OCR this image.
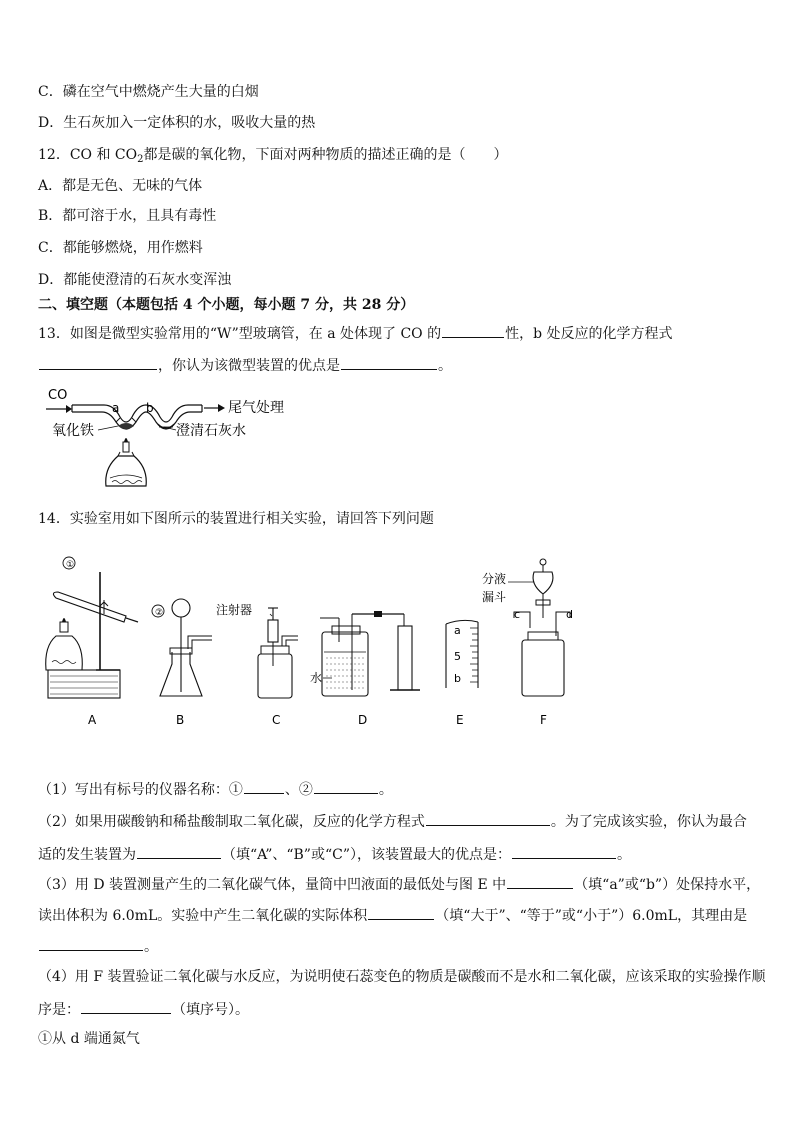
C．磷在空气中燃烧产生大量的白烟
D．生石灰加入一定体积的水，吸收大量的热
12．CO 和 $CO_2$都是碳的氧化物，下面对两种物质的描述正确的是（　　）
A．都是无色、无味的气体
B．都可溶于水，且具有毒性
C．都能够燃烧，用作燃料
D．都能使澄清的石灰水变浑浊
二、填空题（本题包括 4 个小题，每小题 7 分，共 28 分）
13．如图是微型实验常用的“W”型玻璃管，在 a 处体现了 CO 的	性，b 处反应的化学方程式
，你认为该微型装置的优点是	。
CO
a b	尾气处理
氧化铁	澄清石灰水
14．实验室用如下图所示的装置进行相关实验，请回答下列问题
①
A
②
B
注射器
C
水
D
a
5
b
E
分液
漏斗
c	d
F
（1）写出有标号的仪器名称：①	、②	。
（2）如果用碳酸钠和稀盐酸制取二氧化碳，反应的化学方程式	。为了完成该实验，你认为最合
适的发生装置为	（填“A”、“B”或“C”），该装置最大的优点是：	。
（3）用 D 装置测量产生的二氧化碳气体，量筒中凹液面的最低处与图 E 中	（填“a”或“b”）处保持水平，
读出体积为 6.0mL。实验中产生二氧化碳的实际体积	（填“大于”、“等于”或“小于”）6.0mL，其理由是
。
（4）用 F 装置验证二氧化碳与水反应，为说明使石蕊变色的物质是碳酸而不是水和二氧化碳，应该采取的实验操作顺
序是：	（填序号）。
①从 d 端通氮气
